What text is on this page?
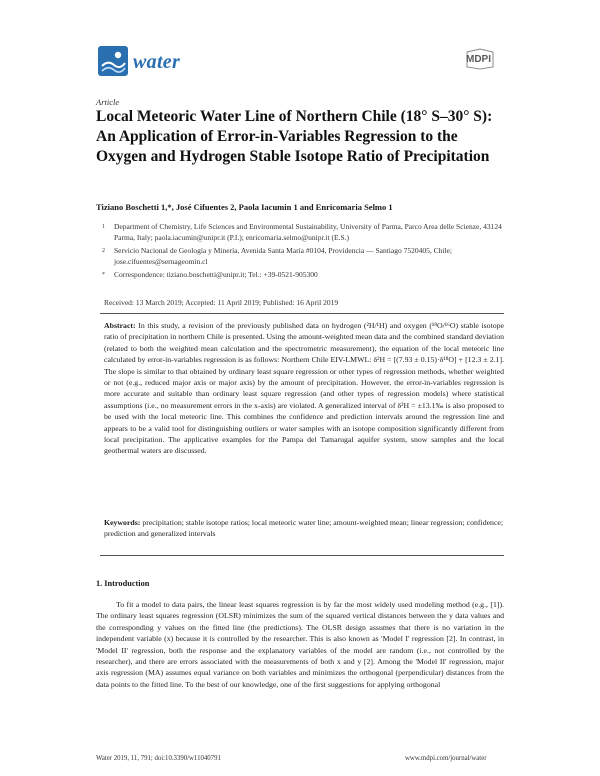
water	MDPI
Article
Local Meteoric Water Line of Northern Chile (18° S–30° S): An Application of Error-in-Variables Regression to the Oxygen and Hydrogen Stable Isotope Ratio of Precipitation
Tiziano Boschetti 1,*, José Cifuentes 2, Paola Iacumin 1 and Enricomaria Selmo 1
1 Department of Chemistry, Life Sciences and Environmental Sustainability, University of Parma, Parco Area delle Scienze, 43124 Parma, Italy; paola.iacumin@unipr.it (P.I.); enricomaria.selmo@unipr.it (E.S.)
2 Servicio Nacional de Geología y Minería, Avenida Santa María #0104, Providencia — Santiago 7520405, Chile; jose.cifuentes@sernageomin.cl
* Correspondence: tiziano.boschetti@unipr.it; Tel.: +39-0521-905300
Received: 13 March 2019; Accepted: 11 April 2019; Published: 16 April 2019
Abstract: In this study, a revision of the previously published data on hydrogen (²H/¹H) and oxygen (¹⁸O/¹⁶O) stable isotope ratio of precipitation in northern Chile is presented. Using the amount-weighted mean data and the combined standard deviation (related to both the weighted mean calculation and the spectrometric measurement), the equation of the local meteoric line calculated by error-in-variables regression is as follows: Northern Chile EIV-LMWL: δ²H = [(7.93 ± 0.15)·δ¹⁸O] + [12.3 ± 2.1]. The slope is similar to that obtained by ordinary least square regression or other types of regression methods, whether weighted or not (e.g., reduced major axis or major axis) by the amount of precipitation. However, the error-in-variables regression is more accurate and suitable than ordinary least square regression (and other types of regression models) where statistical assumptions (i.e., no measurement errors in the x-axis) are violated. A generalized interval of δ²H = ±13.1‰ is also proposed to be used with the local meteoric line. This combines the confidence and prediction intervals around the regression line and appears to be a valid tool for distinguishing outliers or water samples with an isotope composition significantly different from local precipitation. The applicative examples for the Pampa del Tamarugal aquifer system, snow samples and the local geothermal waters are discussed.
Keywords: precipitation; stable isotope ratios; local meteoric water line; amount-weighted mean; linear regression; confidence; prediction and generalized intervals
1. Introduction
To fit a model to data pairs, the linear least squares regression is by far the most widely used modeling method (e.g., [1]). The ordinary least squares regression (OLSR) minimizes the sum of the squared vertical distances between the y data values and the corresponding y values on the fitted line (the predictions). The OLSR design assumes that there is no variation in the independent variable (x) because it is controlled by the researcher. This is also known as 'Model I' regression [2]. In contrast, in 'Model II' regression, both the response and the explanatory variables of the model are random (i.e., not controlled by the researcher), and there are errors associated with the measurements of both x and y [2]. Among the 'Model II' regression, major axis regression (MA) assumes equal variance on both variables and minimizes the orthogonal (perpendicular) distances from the data points to the fitted line. To the best of our knowledge, one of the first suggestions for applying orthogonal
Water 2019, 11, 791; doi:10.3390/w11040791	www.mdpi.com/journal/water
